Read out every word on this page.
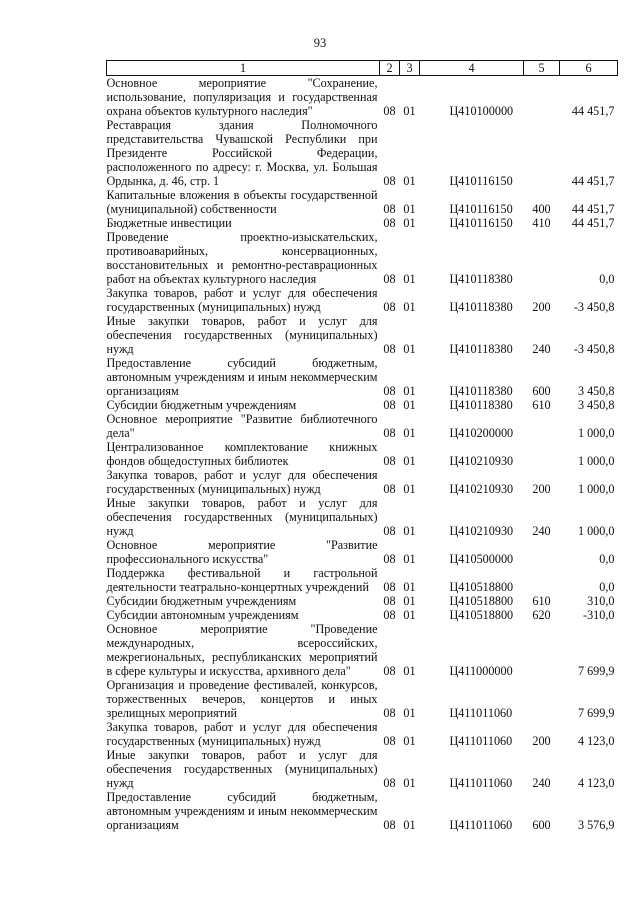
93
1	2	3	4	5	6
Основное мероприятие "Сохранение, использование, популяризация и государственная охрана объектов культурного наследия"	08	01	Ц410100000		44 451,7
Реставрация здания Полномочного представительства Чувашской Республики при Президенте Российской Федерации, расположенного по адресу: г. Москва, ул. Большая Ордынка, д. 46, стр. 1	08	01	Ц410116150		44 451,7
Капитальные вложения в объекты государственной (муниципальной) собственности	08	01	Ц410116150	400	44 451,7
Бюджетные инвестиции	08	01	Ц410116150	410	44 451,7
Проведение проектно-изыскательских, противоаварийных, консервационных, восстановительных и ремонтно-реставрационных работ на объектах культурного наследия	08	01	Ц410118380		0,0
Закупка товаров, работ и услуг для обеспечения государственных (муниципальных) нужд	08	01	Ц410118380	200	-3 450,8
Иные закупки товаров, работ и услуг для обеспечения государственных (муниципальных) нужд	08	01	Ц410118380	240	-3 450,8
Предоставление субсидий бюджетным, автономным учреждениям и иным некоммерческим организациям	08	01	Ц410118380	600	3 450,8
Субсидии бюджетным учреждениям	08	01	Ц410118380	610	3 450,8
Основное мероприятие "Развитие библиотечного дела"	08	01	Ц410200000		1 000,0
Централизованное комплектование книжных фондов общедоступных библиотек	08	01	Ц410210930		1 000,0
Закупка товаров, работ и услуг для обеспечения государственных (муниципальных) нужд	08	01	Ц410210930	200	1 000,0
Иные закупки товаров, работ и услуг для обеспечения государственных (муниципальных) нужд	08	01	Ц410210930	240	1 000,0
Основное мероприятие "Развитие профессионального искусства"	08	01	Ц410500000		0,0
Поддержка фестивальной и гастрольной деятельности театрально-концертных учреждений	08	01	Ц410518800		0,0
Субсидии бюджетным учреждениям	08	01	Ц410518800	610	310,0
Субсидии автономным учреждениям	08	01	Ц410518800	620	-310,0
Основное мероприятие "Проведение международных, всероссийских, межрегиональных, республиканских мероприятий в сфере культуры и искусства, архивного дела"	08	01	Ц411000000		7 699,9
Организация и проведение фестивалей, конкурсов, торжественных вечеров, концертов и иных зрелищных мероприятий	08	01	Ц411011060		7 699,9
Закупка товаров, работ и услуг для обеспечения государственных (муниципальных) нужд	08	01	Ц411011060	200	4 123,0
Иные закупки товаров, работ и услуг для обеспечения государственных (муниципальных) нужд	08	01	Ц411011060	240	4 123,0
Предоставление субсидий бюджетным, автономным учреждениям и иным некоммерческим организациям	08	01	Ц411011060	600	3 576,9
